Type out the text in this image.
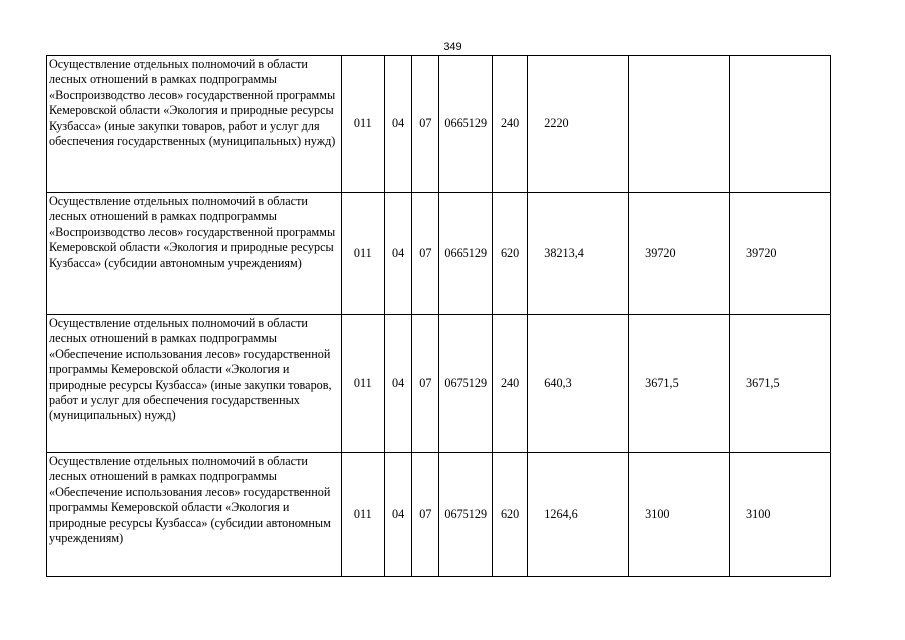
349
Осуществление отдельных полномочий в области лесных отношений в рамках подпрограммы «Воспроизводство лесов» государственной программы Кемеровской области «Экология и природные ресурсы Кузбасса» (иные закупки товаров, работ и услуг для обеспечения государственных (муниципальных) нужд)	011	04	07	0665129	240	2220		
Осуществление отдельных полномочий в области лесных отношений в рамках подпрограммы «Воспроизводство лесов» государственной программы Кемеровской области «Экология и природные ресурсы Кузбасса» (субсидии автономным учреждениям)	011	04	07	0665129	620	38213,4	39720	39720
Осуществление отдельных полномочий в области лесных отношений в рамках подпрограммы «Обеспечение использования лесов» государственной программы Кемеровской области «Экология и природные ресурсы Кузбасса» (иные закупки товаров, работ и услуг для обеспечения государственных (муниципальных) нужд)	011	04	07	0675129	240	640,3	3671,5	3671,5
Осуществление отдельных полномочий в области лесных отношений в рамках подпрограммы «Обеспечение использования лесов» государственной программы Кемеровской области «Экология и природные ресурсы Кузбасса» (субсидии автономным учреждениям)	011	04	07	0675129	620	1264,6	3100	3100
